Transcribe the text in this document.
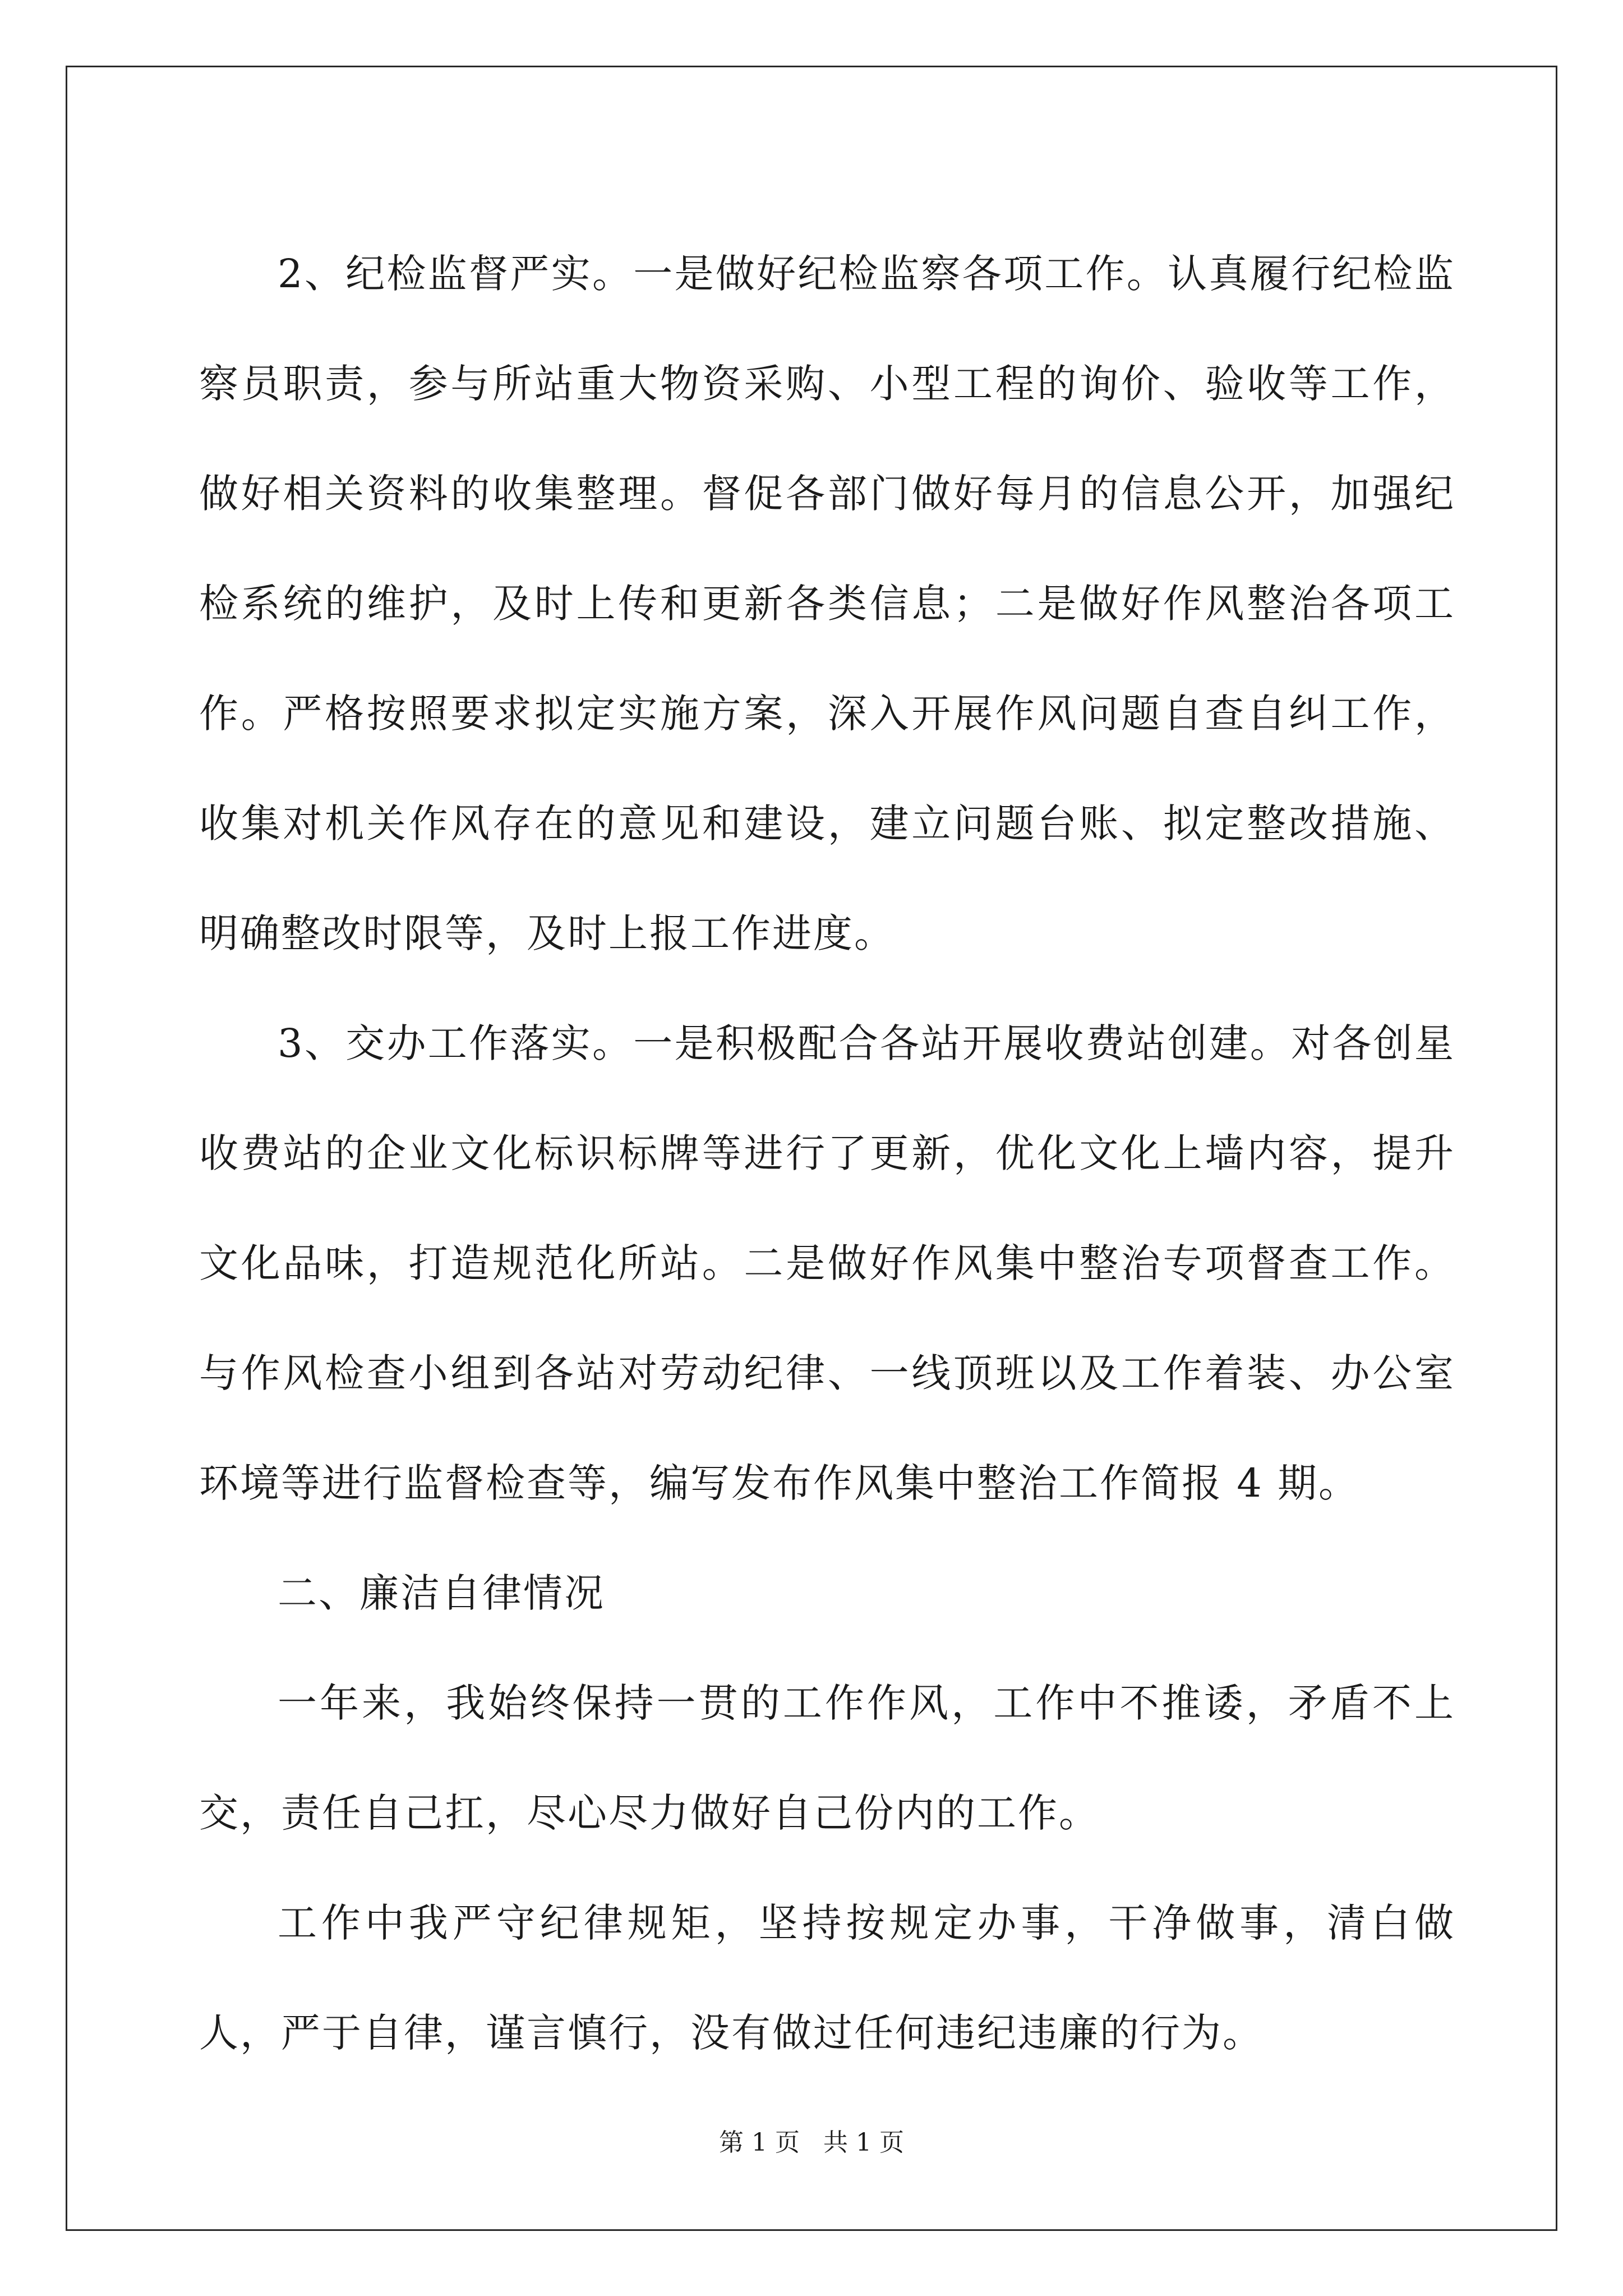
2、纪检监督严实。一是做好纪检监察各项工作。认真履行纪检监察员职责，参与所站重大物资采购、小型工程的询价、验收等工作，做好相关资料的收集整理。督促各部门做好每月的信息公开，加强纪检系统的维护，及时上传和更新各类信息；二是做好作风整治各项工作。严格按照要求拟定实施方案，深入开展作风问题自查自纠工作，收集对机关作风存在的意见和建设，建立问题台账、拟定整改措施、明确整改时限等，及时上报工作进度。

3、交办工作落实。一是积极配合各站开展收费站创建。对各创星收费站的企业文化标识标牌等进行了更新，优化文化上墙内容，提升文化品味，打造规范化所站。二是做好作风集中整治专项督查工作。与作风检查小组到各站对劳动纪律、一线顶班以及工作着装、办公室环境等进行监督检查等，编写发布作风集中整治工作简报 4 期。

二、廉洁自律情况

一年来，我始终保持一贯的工作作风，工作中不推诿，矛盾不上交，责任自己扛，尽心尽力做好自己份内的工作。

工作中我严守纪律规矩，坚持按规定办事，干净做事，清白做人，严于自律，谨言慎行，没有做过任何违纪违廉的行为。

第 1 页 共 1 页
